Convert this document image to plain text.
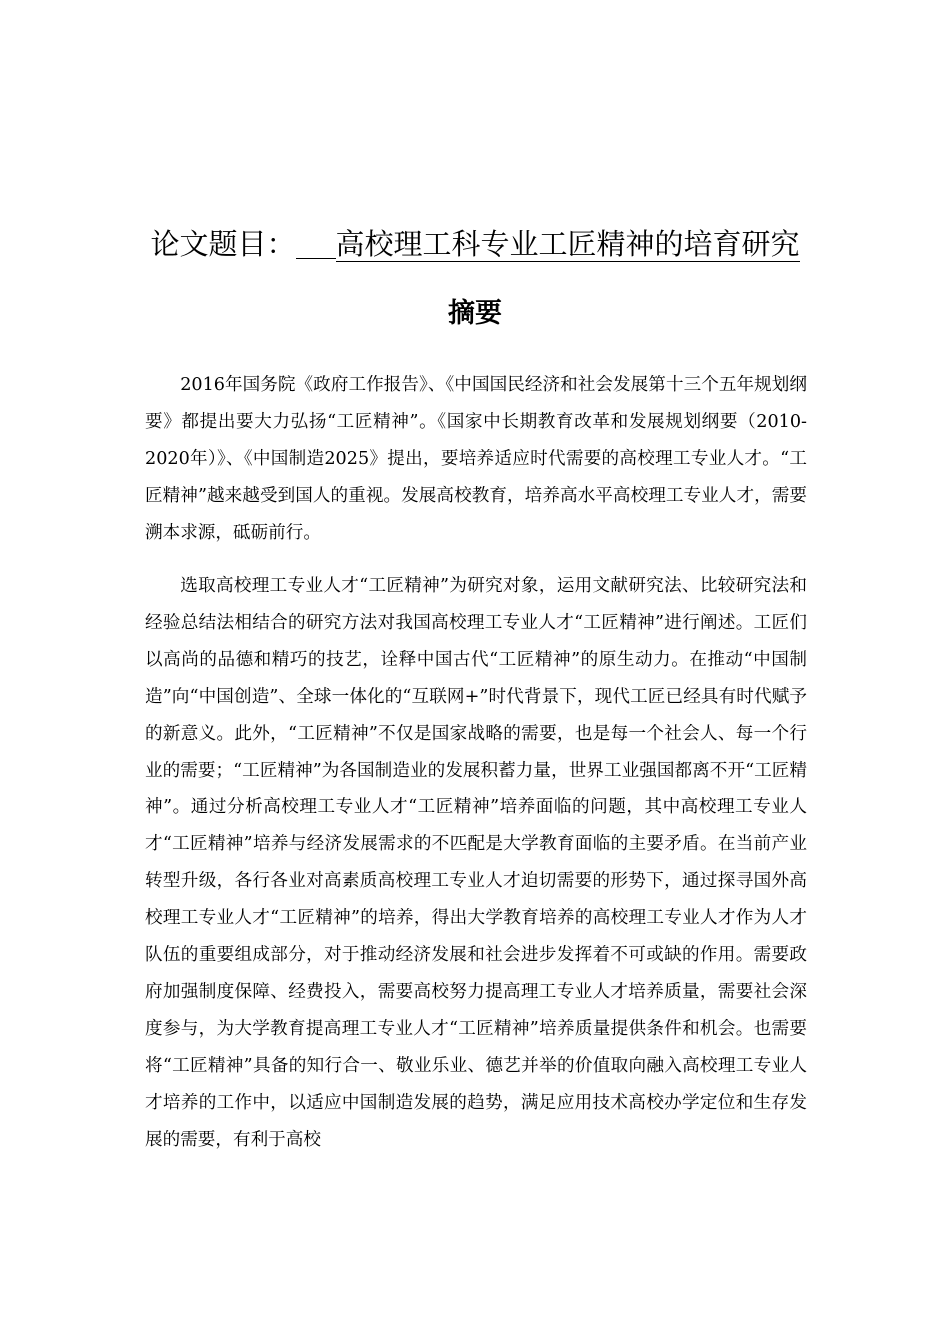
论文题目： 高校理工科专业工匠精神的培育研究
摘要

2016年国务院《政府工作报告》、《中国国民经济和社会发展第十三个五年规划纲要》都提出要大力弘扬“工匠精神”。《国家中长期教育改革和发展规划纲要（2010-2020年）》、《中国制造2025》提出，要培养适应时代需要的高校理工专业人才。“工匠精神”越来越受到国人的重视。发展高校教育，培养高水平高校理工专业人才，需要溯本求源，砥砺前行。

选取高校理工专业人才“工匠精神”为研究对象，运用文献研究法、比较研究法和经验总结法相结合的研究方法对我国高校理工专业人才“工匠精神”进行阐述。工匠们以高尚的品德和精巧的技艺，诠释中国古代“工匠精神”的原生动力。在推动“中国制造”向“中国创造”、全球一体化的“互联网+”时代背景下，现代工匠已经具有时代赋予的新意义。此外，“工匠精神”不仅是国家战略的需要，也是每一个社会人、每一个行业的需要；“工匠精神”为各国制造业的发展积蓄力量，世界工业强国都离不开“工匠精神”。通过分析高校理工专业人才“工匠精神”培养面临的问题，其中高校理工专业人才“工匠精神”培养与经济发展需求的不匹配是大学教育面临的主要矛盾。在当前产业转型升级，各行各业对高素质高校理工专业人才迫切需要的形势下，通过探寻国外高校理工专业人才“工匠精神”的培养，得出大学教育培养的高校理工专业人才作为人才队伍的重要组成部分，对于推动经济发展和社会进步发挥着不可或缺的作用。需要政府加强制度保障、经费投入，需要高校努力提高理工专业人才培养质量，需要社会深度参与，为大学教育提高理工专业人才“工匠精神”培养质量提供条件和机会。也需要将“工匠精神”具备的知行合一、敬业乐业、德艺并举的价值取向融入高校理工专业人才培养的工作中，以适应中国制造发展的趋势，满足应用技术高校办学定位和生存发展的需要，有利于高校
